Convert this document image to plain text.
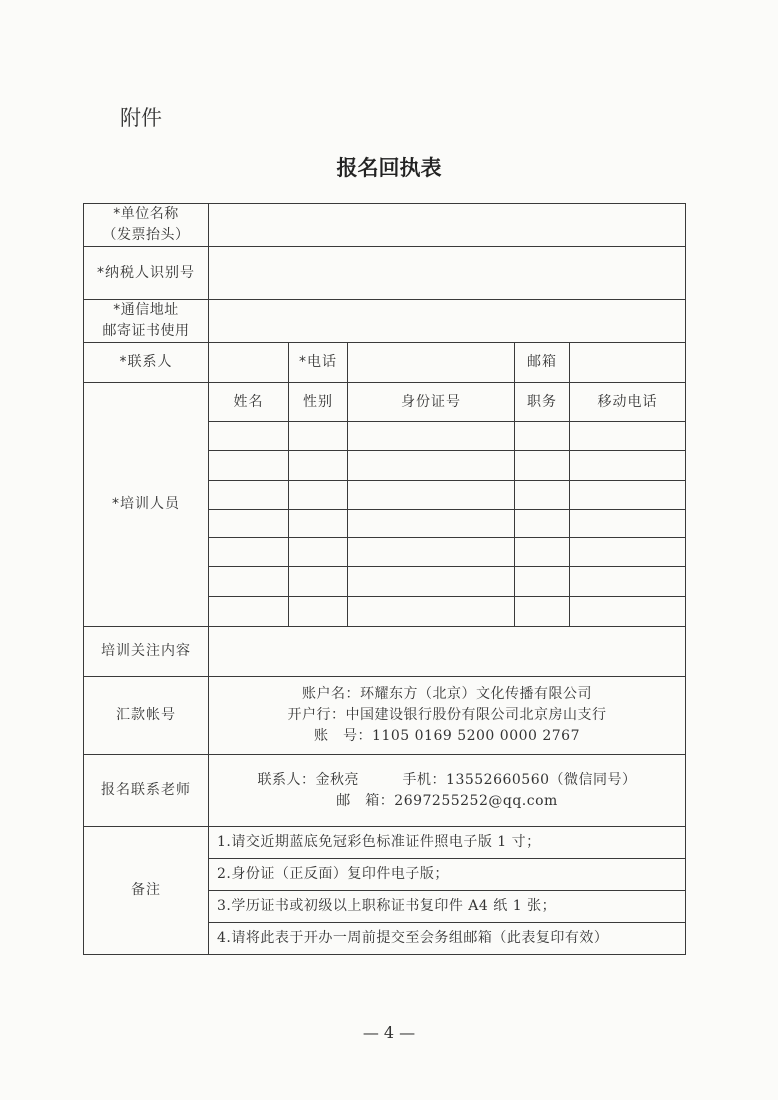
附件
报名回执表
*单位名称
（发票抬头）					

*纳税人识别号					

*通信地址
邮寄证书使用					

*联系人		*电话		邮箱	
*培训人员	姓名	性别	身份证号	职务	移动电话

培训关注内容					
汇款帐号	账户名：环耀东方（北京）文化传播有限公司
开户行：中国建设银行股份有限公司北京房山支行
账　号：1105 0169 5200 0000 2767				

报名联系老师	联系人：金秋亮　　　手机：13552660560（微信同号）
邮　箱：2697255252@qq.com				

备注	1.请交近期蓝底免冠彩色标准证件照电子版 1 寸；
2.身份证（正反面）复印件电子版；
3.学历证书或初级以上职称证书复印件 A4 纸 1 张；
4.请将此表于开办一周前提交至会务组邮箱（此表复印有效）				
— 4 —
